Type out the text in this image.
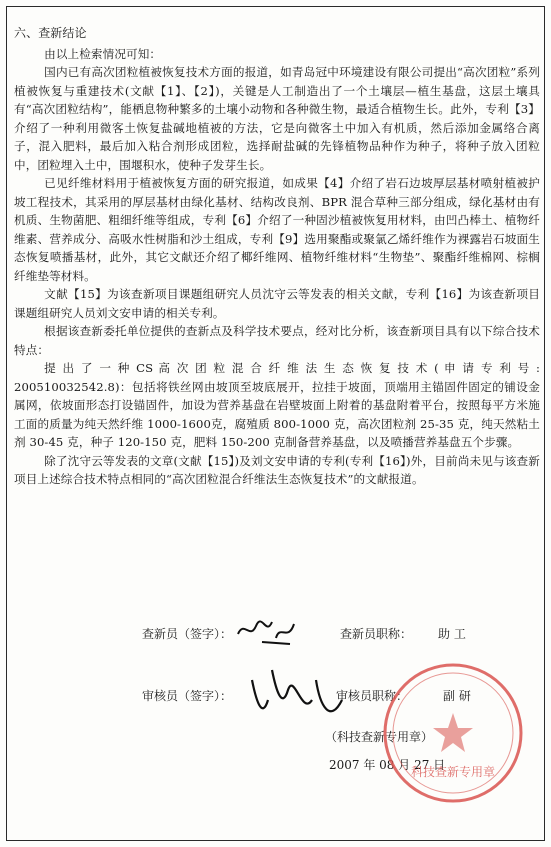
六、查新结论

由以上检索情况可知：

国内已有高次团粒植被恢复技术方面的报道，如青岛冠中环境建设有限公司提出“高次团粒”系列植被恢复与重建技术(文献【1】、【2】)，关键是人工制造出了一个土壤层—植生基盘，这层土壤具有“高次团粒结构”，能栖息物种繁多的土壤小动物和各种微生物，最适合植物生长。此外，专利【3】介绍了一种利用微客土恢复盐碱地植被的方法，它是向微客土中加入有机质，然后添加金属络合离子，混入肥料，最后加入粘合剂形成团粒，选择耐盐碱的先锋植物品种作为种子，将种子放入团粒中，团粒埋入土中，围堰积水，使种子发芽生长。

已见纤维材料用于植被恢复方面的研究报道，如成果【4】介绍了岩石边坡厚层基材喷射植被护坡工程技术，其采用的厚层基材由绿化基材、结构改良剂、BPR 混合草种三部分组成，绿化基材由有机质、生物菌肥、粗细纤维等组成，专利【6】介绍了一种固沙植被恢复用材料，由凹凸棒土、植物纤维素、营养成分、高吸水性树脂和沙土组成，专利【9】选用聚酯或聚氯乙烯纤维作为裸露岩石坡面生态恢复喷播基材，此外，其它文献还介绍了椰纤维网、植物纤维材料“生物垫”、聚酯纤维棉网、棕榈纤维垫等材料。

文献【15】为该查新项目课题组研究人员沈守云等发表的相关文献，专利【16】为该查新项目课题组研究人员刘文安申请的相关专利。

根据该查新委托单位提供的查新点及科学技术要点，经对比分析，该查新项目具有以下综合技术特点：

提 出 了 一 种 CS 高 次 团 粒 混 合 纤 维 法 生 态 恢 复 技 术 ( 申 请 专 利 号 : 200510032542.8)：包括将铁丝网由坡顶至坡底展开，拉挂于坡面，顶端用主锚固件固定的铺设金属网，依坡面形态打设锚固件，加设为营养基盘在岩壁坡面上附着的基盘附着平台，按照每平方米施工面的质量为纯天然纤维 1000-1600克，腐殖质 800-1000 克，高次团粒剂 25-35 克，纯天然粘土剂 30-45 克，种子 120-150 克，肥料 150-200 克制备营养基盘，以及喷播营养基盘五个步骤。

除了沈守云等发表的文章(文献【15】)及刘文安申请的专利(专利【16】)外，目前尚未见与该查新项目上述综合技术特点相同的“高次团粒混合纤维法生态恢复技术”的文献报道。

查新员（签字）：	查新员职称： 助 工
审核员（签字）：	审核员职称：	副 研
（科技查新专用章）
2007 年 08 月 27 日
科技查新专用章
